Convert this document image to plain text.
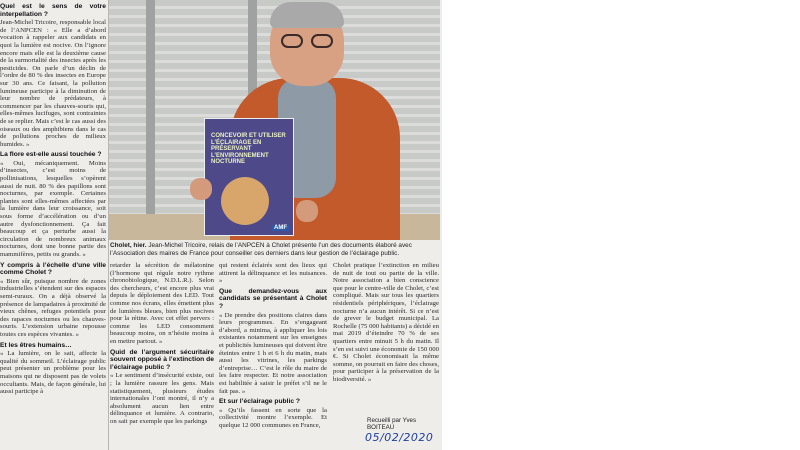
Quel est le sens de votre interpellation ?

Jean-Michel Tricoire, responsable local de l’ANPCEN : « Elle a d’abord vocation à rappeler aux candidats en quoi la lumière est nocive. On l’ignore encore mais elle est la deuxième cause de la surmortalité des insectes après les pesticides. On parle d’un déclin de l’ordre de 80 % des insectes en Europe sur 30 ans. Ce faisant, la pollution lumineuse participe à la diminution de leur nombre de prédateurs, à commencer par les chauves-souris qui, elles-mêmes lucifuges, sont contraintes de se replier. Mais c’est le cas aussi des oiseaux ou des amphibiens dans le cas de pollutions proches de milieux humides. »

La flore est-elle aussi touchée ?

« Oui, mécaniquement. Moins d’insectes, c’est moins de pollinisations, lesquelles s’opèrent aussi de nuit. 80 % des papillons sont nocturnes, par exemple. Certaines plantes sont elles-mêmes affectées par la lumière dans leur croissance, soit sous forme d’accélération ou d’un autre dysfonctionnement. Ça fait beaucoup et ça perturbe aussi la circulation de nombreux animaux nocturnes, dont une bonne partie des mammifères, petits ou grands. »

Y compris à l’échelle d’une ville comme Cholet ?

« Bien sûr, puisque nombre de zones industrielles s’étendent sur des espaces semi-ruraux. On a déjà observé la présence de lampadaires à proximité de vieux chênes, refuges potentiels pour des rapaces nocturnes ou les chauves-souris. L’extension urbaine repousse toutes ces espèces vivantes. »

Et les êtres humains…

« La lumière, on le sait, affecte la qualité du sommeil. L’éclairage public peut présenter un problème pour les maisons qui ne disposent pas de volets occultants. Mais, de façon générale, lui aussi participe à

CONCEVOIR ET UTILISER L’ÉCLAIRAGE EN PRÉSERVANT L’ENVIRONNEMENT NOCTURNE
AMF
Cholet, hier. Jean-Michel Tricoire, relais de l’ANPCEN à Cholet présente l’un des documents élaboré avec l’Association des maires de France pour conseiller ces derniers dans leur gestion de l’éclairage public.

retarder la sécrétion de mélatonine (l’hormone qui régule notre rythme chronobiologique, N.D.L.R.). Selon des chercheurs, c’est encore plus vrai depuis le déploiement des LED. Tout comme nos écrans, elles émettent plus de lumières bleues, bien plus nocives pour la rétine. Avec cet effet pervers : comme les LED consomment beaucoup moins, on n’hésite moins à en mettre partout. »

Quid de l’argument sécuritaire souvent opposé à l’extinction de l’éclairage public ?

« Le sentiment d’insécurité existe, oui ; la lumière rassure les gens. Mais statistiquement, plusieurs études internationales l’ont montré, il n’y a absolument aucun lien entre délinquance et lumière. A contrario, on sait par exemple que les parkings

qui restent éclairés sont des lieux qui attirent la délinquance et les nuisances. »

Que demandez-vous aux candidats se présentant à Cholet ?

« De prendre des positions claires dans leurs programmes. En s’engageant d’abord, a minima, à appliquer les lois existantes notamment sur les enseignes et publicités lumineuses qui doivent être éteintes entre 1 h et 6 h du matin, mais aussi les vitrines, les parkings d’entreprise… C’est le rôle du maire de les faire respecter. Et notre association est habilitée à saisir le préfet s’il ne le fait pas. »

Et sur l’éclairage public ?

« Qu’ils fassent en sorte que la collectivité montre l’exemple. Et quelque 12 000 communes en France,

Cholet pratique l’extinction en milieu de nuit de tout ou partie de la ville. Notre association a bien conscience que pour le centre-ville de Cholet, c’est compliqué. Mais sur tous les quartiers résidentiels périphériques, l’éclairage nocturne n’a aucun intérêt. Si ce n’est de grever le budget municipal. La Rochelle (75 000 habitants) a décidé en mai 2019 d’éteindre 70 % de ses quartiers entre minuit 5 h du matin. Il s’en est suivi une économie de 150 000 €. Si Cholet économisait la même somme, on pourrait en faire des choses, pour participer à la préservation de la biodiversité. »

Recueilli par Yves BOITEAU
05/02/2020
